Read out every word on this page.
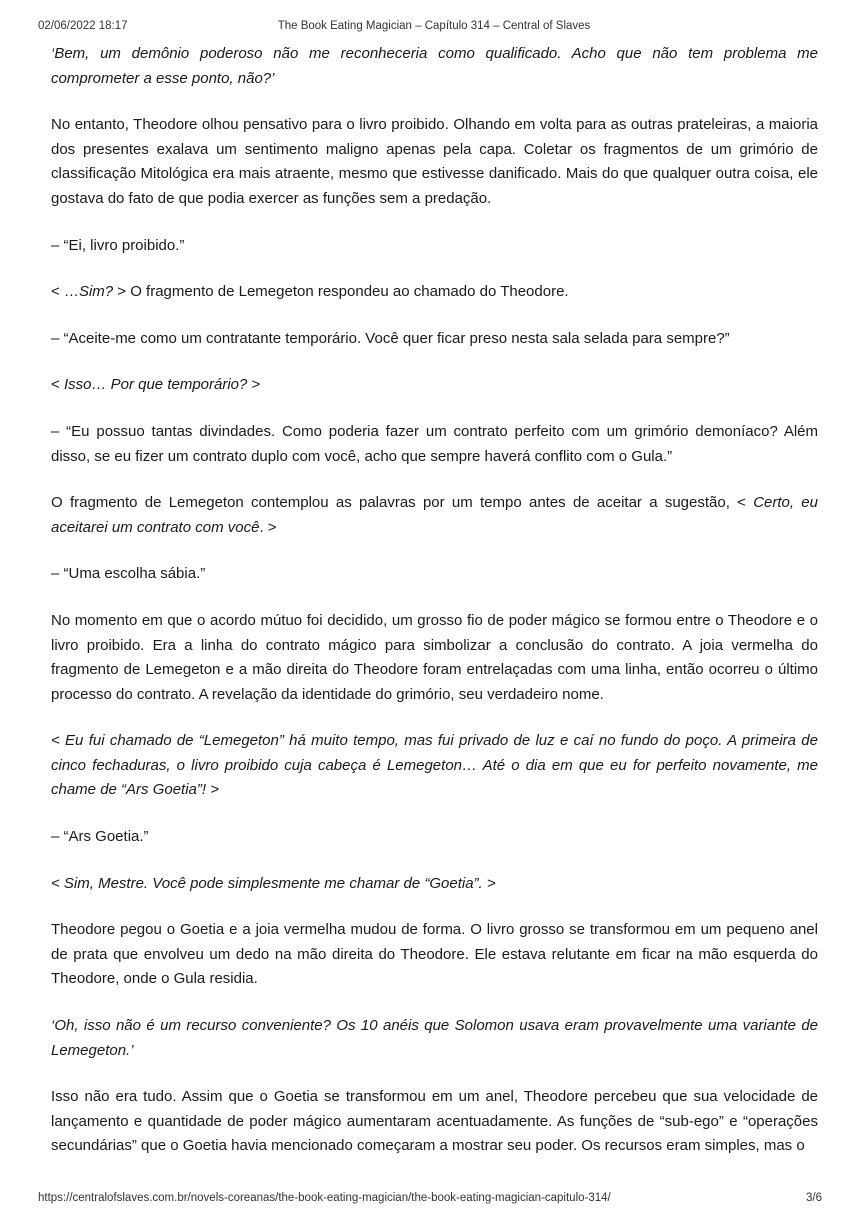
02/06/2022 18:17	The Book Eating Magician – Capítulo 314 – Central of Slaves

‘Bem, um demônio poderoso não me reconheceria como qualificado. Acho que não tem problema me comprometer a esse ponto, não?’

No entanto, Theodore olhou pensativo para o livro proibido. Olhando em volta para as outras prateleiras, a maioria dos presentes exalava um sentimento maligno apenas pela capa. Coletar os fragmentos de um grimório de classificação Mitológica era mais atraente, mesmo que estivesse danificado. Mais do que qualquer outra coisa, ele gostava do fato de que podia exercer as funções sem a predação.

– “Ei, livro proibido.”

< …Sim? > O fragmento de Lemegeton respondeu ao chamado do Theodore.

– “Aceite-me como um contratante temporário. Você quer ficar preso nesta sala selada para sempre?”

< Isso… Por que temporário? >

– “Eu possuo tantas divindades. Como poderia fazer um contrato perfeito com um grimório demoníaco? Além disso, se eu fizer um contrato duplo com você, acho que sempre haverá conflito com o Gula.”

O fragmento de Lemegeton contemplou as palavras por um tempo antes de aceitar a sugestão, < Certo, eu aceitarei um contrato com você. >

– “Uma escolha sábia.”

No momento em que o acordo mútuo foi decidido, um grosso fio de poder mágico se formou entre o Theodore e o livro proibido. Era a linha do contrato mágico para simbolizar a conclusão do contrato. A joia vermelha do fragmento de Lemegeton e a mão direita do Theodore foram entrelaçadas com uma linha, então ocorreu o último processo do contrato. A revelação da identidade do grimório, seu verdadeiro nome.

< Eu fui chamado de “Lemegeton” há muito tempo, mas fui privado de luz e caí no fundo do poço. A primeira de cinco fechaduras, o livro proibido cuja cabeça é Lemegeton… Até o dia em que eu for perfeito novamente, me chame de “Ars Goetia”! >

– “Ars Goetia.”

< Sim, Mestre. Você pode simplesmente me chamar de “Goetia”. >

Theodore pegou o Goetia e a joia vermelha mudou de forma. O livro grosso se transformou em um pequeno anel de prata que envolveu um dedo na mão direita do Theodore. Ele estava relutante em ficar na mão esquerda do Theodore, onde o Gula residia.

‘Oh, isso não é um recurso conveniente? Os 10 anéis que Solomon usava eram provavelmente uma variante de Lemegeton.’

Isso não era tudo. Assim que o Goetia se transformou em um anel, Theodore percebeu que sua velocidade de lançamento e quantidade de poder mágico aumentaram acentuadamente. As funções de “sub-ego” e “operações secundárias” que o Goetia havia mencionado começaram a mostrar seu poder. Os recursos eram simples, mas o

https://centralofslaves.com.br/novels-coreanas/the-book-eating-magician/the-book-eating-magician-capitulo-314/	3/6
